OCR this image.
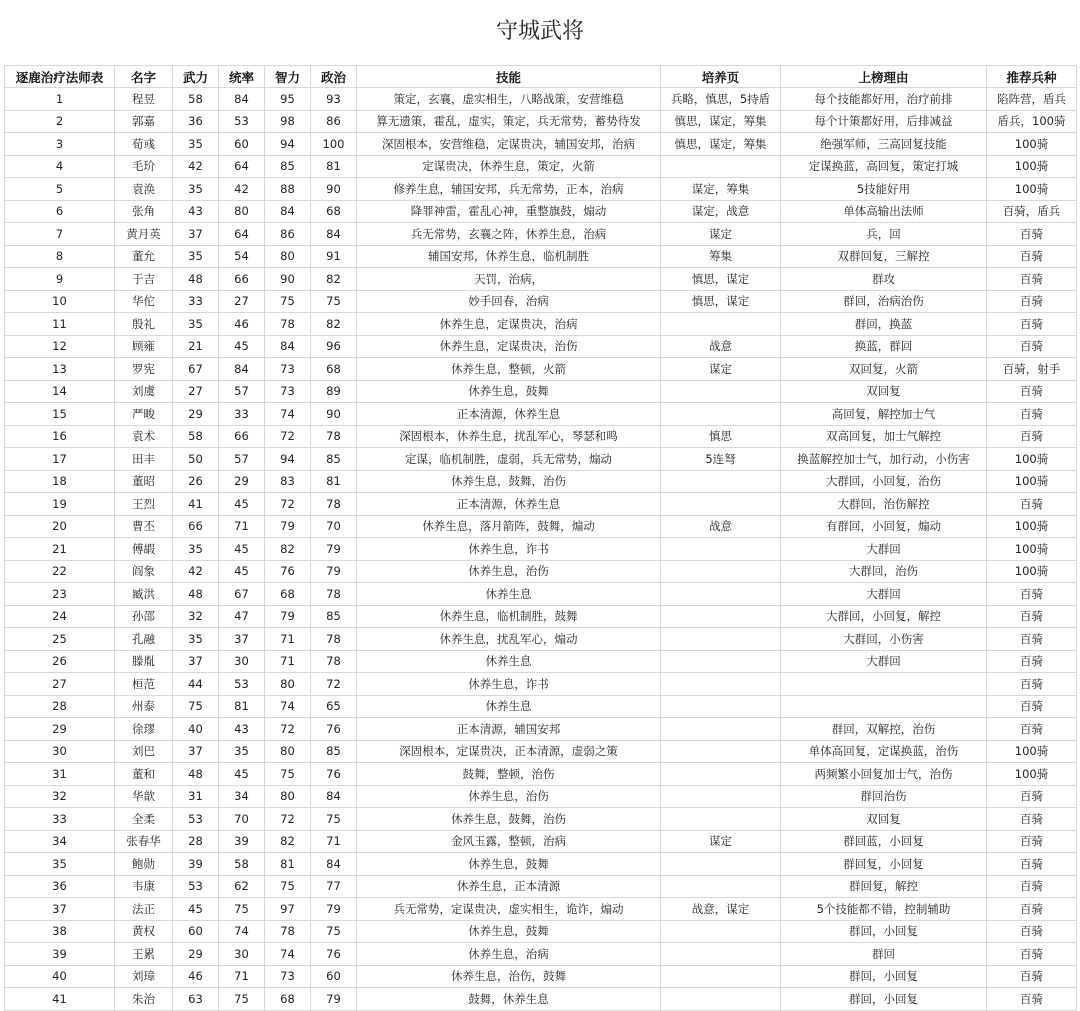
守城武将
逐鹿治疗法师表	名字	武力	统率	智力	政治	技能	培养页	上榜理由	推荐兵种
1	程昱	58	84	95	93	策定，玄襄，虚实相生，八略战策，安营维稳	兵略，慎思，5持盾	每个技能都好用，治疗前排	陷阵营，盾兵
2	郭嘉	36	53	98	86	算无遗策，霍乱，虚实，策定，兵无常势，蓄势待发	慎思，谋定，筹集	每个计策都好用，后排减益	盾兵，100骑
3	荀彧	35	60	94	100	深固根本，安营维稳，定谋贵决，辅国安邦，治病	慎思，谋定，筹集	绝强军师，三高回复技能	100骑
4	毛玠	42	64	85	81	定谋贵决，休养生息，策定，火箭		定谋换蓝，高回复，策定打城	100骑
5	袁涣	35	42	88	90	修养生息，辅国安邦，兵无常势，正本，治病	谋定，筹集	5技能好用	100骑
6	张角	43	80	84	68	降罪神雷，霍乱心神，重整旗鼓，煽动	谋定，战意	单体高输出法师	百骑，盾兵
7	黄月英	37	64	86	84	兵无常势，玄襄之阵，休养生息，治病	谋定	兵，回	百骑
8	董允	35	54	80	91	辅国安邦，休养生息，临机制胜	筹集	双群回复，三解控	百骑
9	于吉	48	66	90	82	天罚，治病，	慎思，谋定	群攻	百骑
10	华佗	33	27	75	75	妙手回春，治病	慎思，谋定	群回，治病治伤	百骑
11	殷礼	35	46	78	82	休养生息，定谋贵决，治病		群回，换蓝	百骑
12	顾雍	21	45	84	96	休养生息，定谋贵决，治伤	战意	换蓝，群回	百骑
13	罗宪	67	84	73	68	休养生息，整顿，火箭	谋定	双回复，火箭	百骑，射手
14	刘虞	27	57	73	89	休养生息，鼓舞		双回复	百骑
15	严畯	29	33	74	90	正本清源，休养生息		高回复，解控加士气	百骑
16	袁术	58	66	72	78	深固根本，休养生息，扰乱军心，琴瑟和鸣	慎思	双高回复，加士气解控	百骑
17	田丰	50	57	94	85	定谋，临机制胜，虚弱，兵无常势，煽动	5连弩	换蓝解控加士气，加行动，小伤害	100骑
18	董昭	26	29	83	81	休养生息，鼓舞，治伤		大群回，小回复，治伤	100骑
19	王烈	41	45	72	78	正本清源，休养生息		大群回，治伤解控	百骑
20	曹丕	66	71	79	70	休养生息，落月箭阵，鼓舞，煽动	战意	有群回，小回复，煽动	100骑
21	傅嘏	35	45	82	79	休养生息，诈书		大群回	100骑
22	阎象	42	45	76	79	休养生息，治伤		大群回，治伤	100骑
23	臧洪	48	67	68	78	休养生息		大群回	百骑
24	孙邵	32	47	79	85	休养生息，临机制胜，鼓舞		大群回，小回复，解控	百骑
25	孔融	35	37	71	78	休养生息，扰乱军心，煽动		大群回，小伤害	百骑
26	滕胤	37	30	71	78	休养生息		大群回	百骑
27	桓范	44	53	80	72	休养生息，诈书			百骑
28	州泰	75	81	74	65	休养生息			百骑
29	徐璆	40	43	72	76	正本清源，辅国安邦		群回，双解控，治伤	百骑
30	刘巴	37	35	80	85	深固根本，定谋贵决，正本清源，虚弱之策		单体高回复，定谋换蓝，治伤	100骑
31	董和	48	45	75	76	鼓舞，整顿，治伤		两频繁小回复加士气，治伤	100骑
32	华歆	31	34	80	84	休养生息，治伤		群回治伤	百骑
33	全柔	53	70	72	75	休养生息，鼓舞，治伤		双回复	百骑
34	张春华	28	39	82	71	金风玉露，整顿，治病	谋定	群回蓝，小回复	百骑
35	鲍勋	39	58	81	84	休养生息，鼓舞		群回复，小回复	百骑
36	韦康	53	62	75	77	休养生息，正本清源		群回复，解控	百骑
37	法正	45	75	97	79	兵无常势，定谋贵决，虚实相生，诡诈，煽动	战意，谋定	5个技能都不错，控制辅助	百骑
38	黄权	60	74	78	75	休养生息，鼓舞		群回，小回复	百骑
39	王累	29	30	74	76	休养生息，治病		群回	百骑
40	刘璋	46	71	73	60	休养生息，治伤，鼓舞		群回，小回复	百骑
41	朱治	63	75	68	79	鼓舞，休养生息		群回，小回复	百骑
